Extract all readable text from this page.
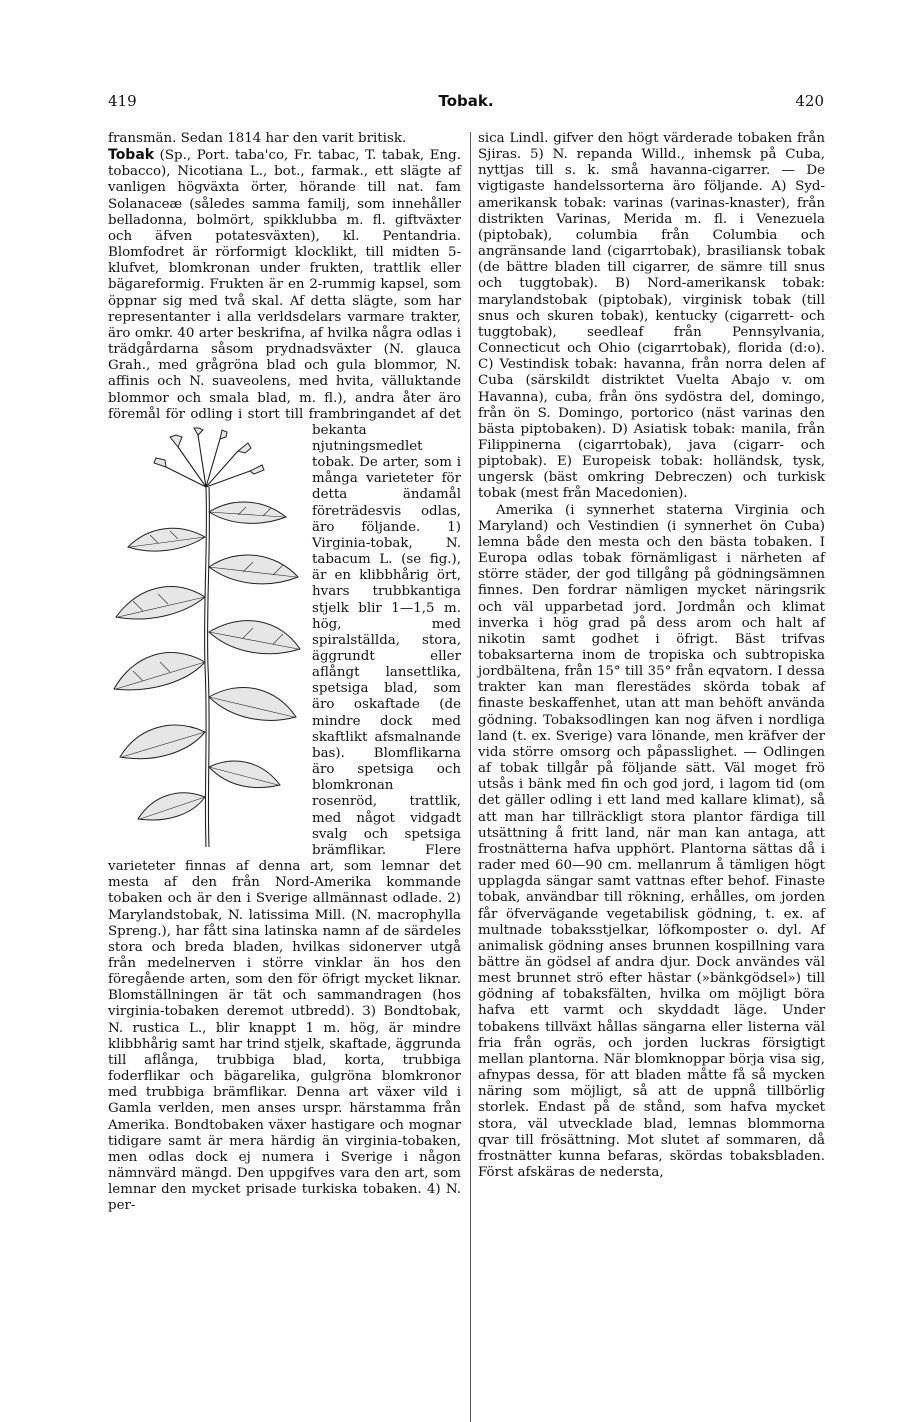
419	Tobak.	420

fransmän. Sedan 1814 har den varit britisk.

Tobak (Sp., Port. taba'co, Fr. tabac, T. tabak, Eng. tobacco), Nicotiana L., bot., farmak., ett slägte af vanligen högväxta örter, hörande till nat. fam Solanaceæ (således samma familj, som innehåller belladonna, bolmört, spikklubba m. fl. giftväxter och äfven potatesväxten), kl. Pentandria. Blomfodret är rörformigt klocklikt, till midten 5-klufvet, blomkronan under frukten, trattlik eller bägareformig. Frukten är en 2-rummig kapsel, som öppnar sig med två skal. Af detta slägte, som har representanter i alla verldsdelars varmare trakter, äro omkr. 40 arter beskrifna, af hvilka några odlas i trädgårdarna såsom prydnadsväxter (N. glauca Grah., med grågröna blad och gula blommor, N. affinis och N. suaveolens, med hvita, välluktande blommor och smala blad, m. fl.), andra åter äro föremål för odling i stort till frambringandet af det bekanta
njutningsmedlet tobak. De arter, som i många varieteter för detta ändamål företrädesvis odlas, äro följande. 1) Virginia-tobak, N. tabacum L. (se fig.), är en klibbhårig ört, hvars trubbkantiga stjelk blir 1—1,5 m. hög, med spiralställda, stora, äggrundt eller aflångt lansettlika, spetsiga blad, som äro oskaftade (de mindre dock med skaftlikt afsmalnande bas). Blomflikarna äro spetsiga och blomkronan rosenröd, trattlik, med något vidgadt svalg och spetsiga brämflikar. Flere varieteter finnas af denna art, som lemnar det mesta af den från Nord-Amerika kommande tobaken och är den i Sverige allmännast odlade. 2) Marylandstobak, N. latissima Mill. (N. macrophylla Spreng.), har fått sina latinska namn af de särdeles stora och breda bladen, hvilkas sidonerver utgå från medelnerven i större vinklar än hos den föregående arten, som den för öfrigt mycket liknar. Blomställningen är tät och sammandragen (hos virginia-tobaken deremot utbredd). 3) Bondtobak, N. rustica L., blir knappt 1 m. hög, är mindre klibbhårig samt har trind stjelk, skaftade, äggrunda till aflånga, trubbiga blad, korta, trubbiga foderflikar och bägarelika, gulgröna blomkronor med trubbiga brämflikar. Denna art växer vild i Gamla verlden, men anses urspr. härstamma från Amerika. Bondtobaken växer hastigare och mognar tidigare samt är mera härdig än virginia-tobaken, men odlas dock ej numera i Sverige i någon nämnvärd mängd. Den uppgifves vara den art, som lemnar den mycket prisade turkiska tobaken. 4) N. per-

sica Lindl. gifver den högt värderade tobaken från Sjiras. 5) N. repanda Willd., inhemsk på Cuba, nyttjas till s. k. små havanna-cigarrer. — De vigtigaste handelssorterna äro följande. A) Syd-amerikansk tobak: varinas (varinas-knaster), från distrikten Varinas, Merida m. fl. i Venezuela (piptobak), columbia från Columbia och angränsande land (cigarrtobak), brasiliansk tobak (de bättre bladen till cigarrer, de sämre till snus och tuggtobak). B) Nord-amerikansk tobak: marylandstobak (piptobak), virginisk tobak (till snus och skuren tobak), kentucky (cigarrett- och tuggtobak), seedleaf från Pennsylvania, Connecticut och Ohio (cigarrtobak), florida (d:o). C) Vestindisk tobak: havanna, från norra delen af Cuba (särskildt distriktet Vuelta Abajo v. om Havanna), cuba, från öns sydöstra del, domingo, från ön S. Domingo, portorico (näst varinas den bästa piptobaken). D) Asiatisk tobak: manila, från Filippinerna (cigarrtobak), java (cigarr- och piptobak). E) Europeisk tobak: holländsk, tysk, ungersk (bäst omkring Debreczen) och turkisk tobak (mest från Macedonien).

Amerika (i synnerhet staterna Virginia och Maryland) och Vestindien (i synnerhet ön Cuba) lemna både den mesta och den bästa tobaken. I Europa odlas tobak förnämligast i närheten af större städer, der god tillgång på gödningsämnen finnes. Den fordrar nämligen mycket näringsrik och väl upparbetad jord. Jordmån och klimat inverka i hög grad på dess arom och halt af nikotin samt godhet i öfrigt. Bäst trifvas tobaksarterna inom de tropiska och subtropiska jordbältena, från 15° till 35° från eqvatorn. I dessa trakter kan man flerestädes skörda tobak af finaste beskaffenhet, utan att man behöft använda gödning. Tobaksodlingen kan nog äfven i nordliga land (t. ex. Sverige) vara lönande, men kräfver der vida större omsorg och påpasslighet. — Odlingen af tobak tillgår på följande sätt. Väl moget frö utsås i bänk med fin och god jord, i lagom tid (om det gäller odling i ett land med kallare klimat), så att man har tillräckligt stora plantor färdiga till utsättning å fritt land, när man kan antaga, att frostnätterna hafva upphört. Plantorna sättas då i rader med 60—90 cm. mellanrum å tämligen högt upplagda sängar samt vattnas efter behof. Finaste tobak, användbar till rökning, erhålles, om jorden får öfvervägande vegetabilisk gödning, t. ex. af multnade tobaksstjelkar, löfkomposter o. dyl. Af animalisk gödning anses brunnen kospillning vara bättre än gödsel af andra djur. Dock användes väl mest brunnet strö efter hästar (»bänkgödsel») till gödning af tobaksfälten, hvilka om möjligt böra hafva ett varmt och skyddadt läge. Under tobakens tillväxt hållas sängarna eller listerna väl fria från ogräs, och jorden luckras försigtigt mellan plantorna. När blomknoppar börja visa sig, afnypas dessa, för att bladen måtte få så mycken näring som möjligt, så att de uppnå tillbörlig storlek. Endast på de stånd, som hafva mycket stora, väl utvecklade blad, lemnas blommorna qvar till frösättning. Mot slutet af sommaren, då frostnätter kunna befaras, skördas tobaksbladen. Först afskäras de nedersta,
